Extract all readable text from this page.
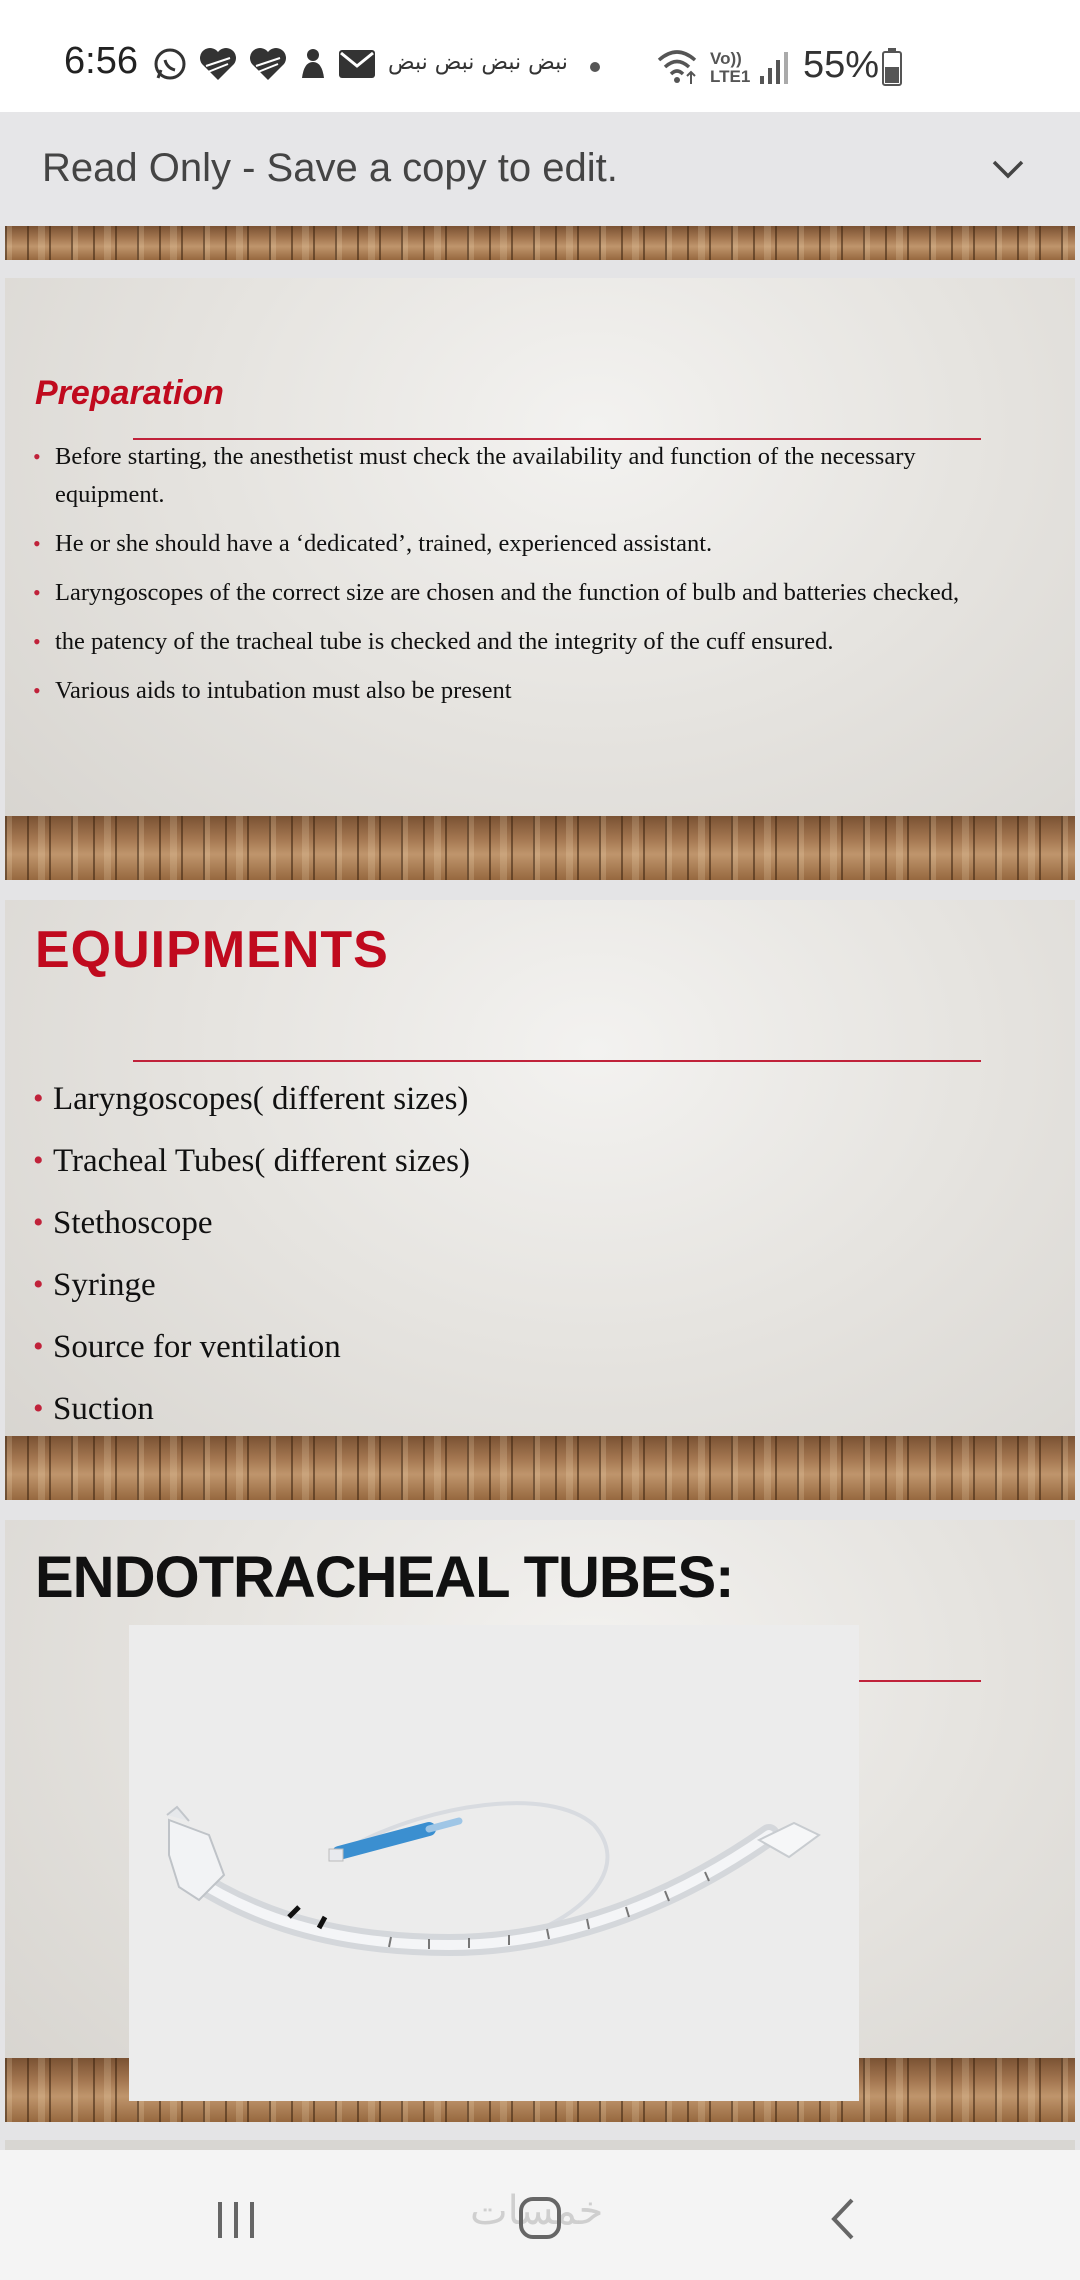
6:56	نبض نبض نبض نبض	Vo)) LTE1 55%
Read Only - Save a copy to edit.
Preparation
• Before starting, the anesthetist must check the availability and function of the necessary equipment.
• He or she should have a ‘dedicated’, trained, experienced assistant.
• Laryngoscopes of the correct size are chosen and the function of bulb and batteries checked,
• the patency of the tracheal tube is checked and the integrity of the cuff ensured.
• Various aids to intubation must also be present
EQUIPMENTS
• Laryngoscopes( different sizes)
• Tracheal Tubes( different sizes)
• Stethoscope
• Syringe
• Source for ventilation
• Suction
ENDOTRACHEAL TUBES:
خمسات
